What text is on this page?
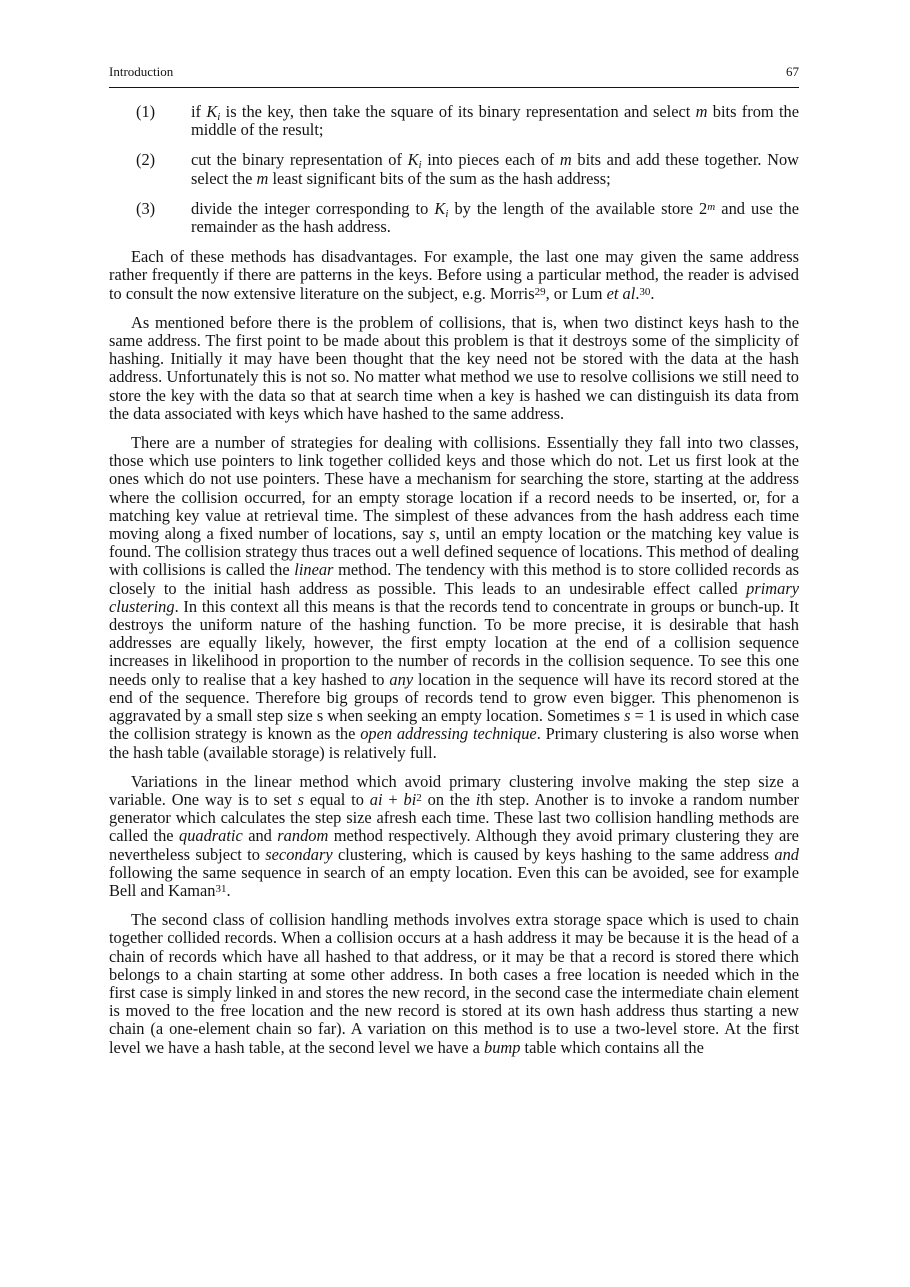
Introduction	67
(1)	if $K_i$ is the key, then take the square of its binary representation and select m bits from the middle of the result;
(2)	cut the binary representation of $K_i$ into pieces each of m bits and add these together. Now select the m least significant bits of the sum as the hash address;
(3)	divide the integer corresponding to $K_i$ by the length of the available store 2$^m$ and use the remainder as the hash address.

Each of these methods has disadvantages. For example, the last one may given the same address rather frequently if there are patterns in the keys. Before using a particular method, the reader is advised to consult the now extensive literature on the subject, e.g. Morris$^{29}$, or Lum et al.$^{30}$.

As mentioned before there is the problem of collisions, that is, when two distinct keys hash to the same address. The first point to be made about this problem is that it destroys some of the simplicity of hashing. Initially it may have been thought that the key need not be stored with the data at the hash address. Unfortunately this is not so. No matter what method we use to resolve collisions we still need to store the key with the data so that at search time when a key is hashed we can distinguish its data from the data associated with keys which have hashed to the same address.

There are a number of strategies for dealing with collisions. Essentially they fall into two classes, those which use pointers to link together collided keys and those which do not. Let us first look at the ones which do not use pointers. These have a mechanism for searching the store, starting at the address where the collision occurred, for an empty storage location if a record needs to be inserted, or, for a matching key value at retrieval time. The simplest of these advances from the hash address each time moving along a fixed number of locations, say s, until an empty location or the matching key value is found. The collision strategy thus traces out a well defined sequence of locations. This method of dealing with collisions is called the linear method. The tendency with this method is to store collided records as closely to the initial hash address as possible. This leads to an undesirable effect called primary clustering. In this context all this means is that the records tend to concentrate in groups or bunch-up. It destroys the uniform nature of the hashing function. To be more precise, it is desirable that hash addresses are equally likely, however, the first empty location at the end of a collision sequence increases in likelihood in proportion to the number of records in the collision sequence. To see this one needs only to realise that a key hashed to any location in the sequence will have its record stored at the end of the sequence. Therefore big groups of records tend to grow even bigger. This phenomenon is aggravated by a small step size s when seeking an empty location. Sometimes s = 1 is used in which case the collision strategy is known as the open addressing technique. Primary clustering is also worse when the hash table (available storage) is relatively full.

Variations in the linear method which avoid primary clustering involve making the step size a variable. One way is to set s equal to ai + $bi^2$ on the ith step. Another is to invoke a random number generator which calculates the step size afresh each time. These last two collision handling methods are called the quadratic and random method respectively. Although they avoid primary clustering they are nevertheless subject to secondary clustering, which is caused by keys hashing to the same address and following the same sequence in search of an empty location. Even this can be avoided, see for example Bell and Kaman$^{31}$.

The second class of collision handling methods involves extra storage space which is used to chain together collided records. When a collision occurs at a hash address it may be because it is the head of a chain of records which have all hashed to that address, or it may be that a record is stored there which belongs to a chain starting at some other address. In both cases a free location is needed which in the first case is simply linked in and stores the new record, in the second case the intermediate chain element is moved to the free location and the new record is stored at its own hash address thus starting a new chain (a one-element chain so far). A variation on this method is to use a two-level store. At the first level we have a hash table, at the second level we have a bump table which contains all the
